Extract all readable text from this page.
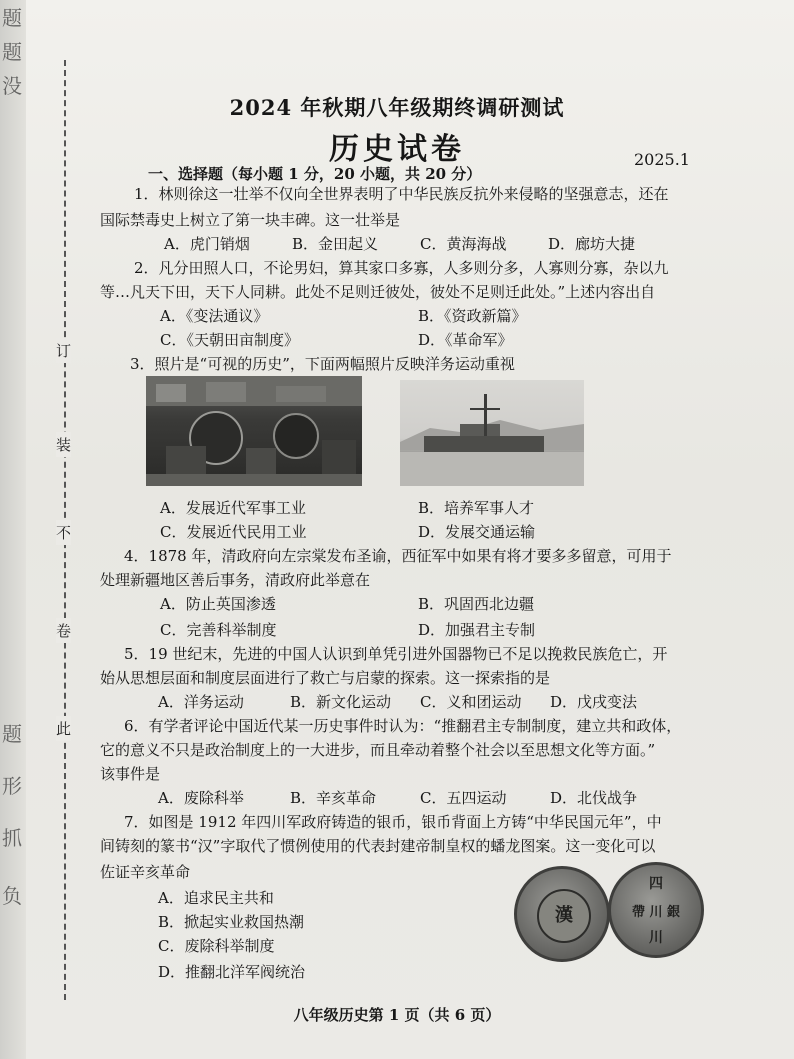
题
题
没
题
形
抓
负
订
装
不
卷
此
2024 年秋期八年级期终调研测试
历史试卷	2025.1
一、选择题（每小题 1 分，20 小题，共 20 分）
1．林则徐这一壮举不仅向全世界表明了中华民族反抗外来侵略的坚强意志，还在
国际禁毒史上树立了第一块丰碑。这一壮举是
A．虎门销烟	B．金田起义	C．黄海海战	D．廊坊大捷
2．凡分田照人口，不论男妇，算其家口多寡，人多则分多，人寡则分寡，杂以九
等…凡天下田，天下人同耕。此处不足则迁彼处，彼处不足则迁此处。”上述内容出自
A．《变法通议》	B．《资政新篇》
C．《天朝田亩制度》	D．《革命军》
3．照片是“可视的历史”，下面两幅照片反映洋务运动重视
A．发展近代军事工业	B．培养军事人才
C．发展近代民用工业	D．发展交通运输
4．1878 年，清政府向左宗棠发布圣谕，西征军中如果有将才要多多留意，可用于
处理新疆地区善后事务，清政府此举意在
A．防止英国渗透	B．巩固西北边疆
C．完善科举制度	D．加强君主专制
5．19 世纪末，先进的中国人认识到单凭引进外国器物已不足以挽救民族危亡，开
始从思想层面和制度层面进行了救亡与启蒙的探索。这一探索指的是
A．洋务运动	B．新文化运动 C．义和团运动 D．戊戌变法
6．有学者评论中国近代某一历史事件时认为：“推翻君主专制制度，建立共和政体，
它的意义不只是政治制度上的一大进步，而且牵动着整个社会以至思想文化等方面。”
该事件是
A．废除科举	B．辛亥革命	C．五四运动	D．北伐战争
7．如图是 1912 年四川军政府铸造的银币，银币背面上方铸“中华民国元年”，中
间铸刻的篆书“汉”字取代了惯例使用的代表封建帝制皇权的蟠龙图案。这一变化可以
佐证辛亥革命
A．追求民主共和
B．掀起实业救国热潮
C．废除科举制度
D．推翻北洋军阀统治
漢
四
帶 川 銀
川
八年级历史第 1 页（共 6 页）
